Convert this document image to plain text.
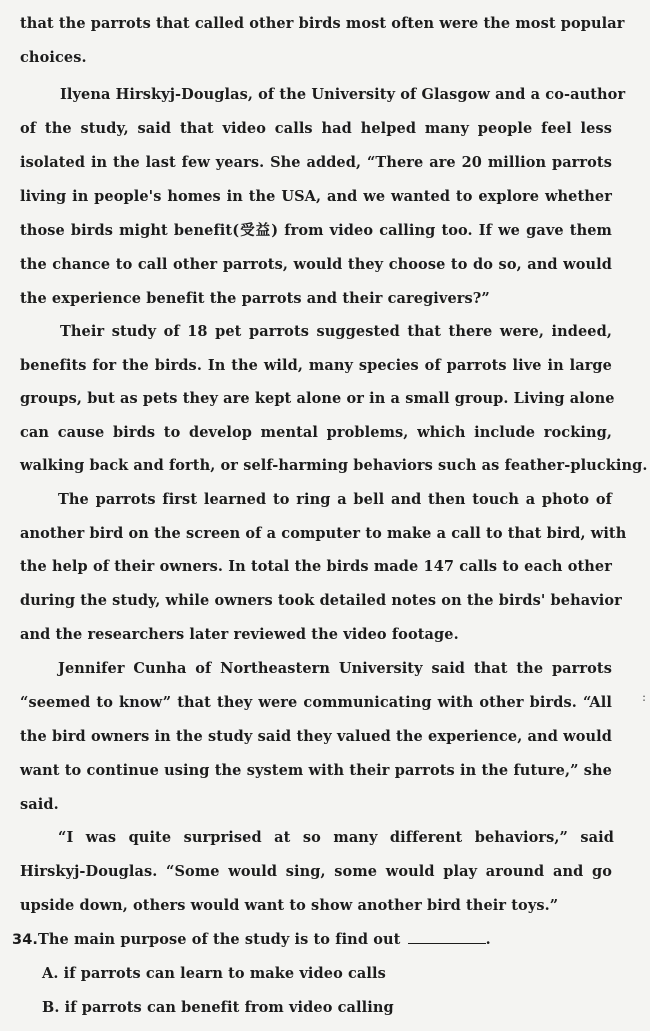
that the parrots that called other birds most often were the most popular
choices.
Ilyena Hirskyj-Douglas, of the University of Glasgow and a co-author
of the study, said that video calls had helped many people feel less
isolated in the last few years. She added, “There are 20 million parrots
living in people's homes in the USA, and we wanted to explore whether
those birds might benefit(受益) from video calling too. If we gave them
the chance to call other parrots, would they choose to do so, and would
the experience benefit the parrots and their caregivers?”
Their study of 18 pet parrots suggested that there were, indeed,
benefits for the birds. In the wild, many species of parrots live in large
groups, but as pets they are kept alone or in a small group. Living alone
can cause birds to develop mental problems, which include rocking,
walking back and forth, or self-harming behaviors such as feather-plucking.
The parrots first learned to ring a bell and then touch a photo of
another bird on the screen of a computer to make a call to that bird, with
the help of their owners. In total the birds made 147 calls to each other
during the study, while owners took detailed notes on the birds' behavior
and the researchers later reviewed the video footage.
Jennifer Cunha of Northeastern University said that the parrots
“seemed to know” that they were communicating with other birds. “All
the bird owners in the study said they valued the experience, and would
want to continue using the system with their parrots in the future,” she
said.
“I was quite surprised at so many different behaviors,” said
Hirskyj-Douglas. “Some would sing, some would play around and go
upside down, others would want to show another bird their toys.”
34.The main purpose of the study is to find out	.
A. if parrots can learn to make video calls
B. if parrots can benefit from video calling
:
